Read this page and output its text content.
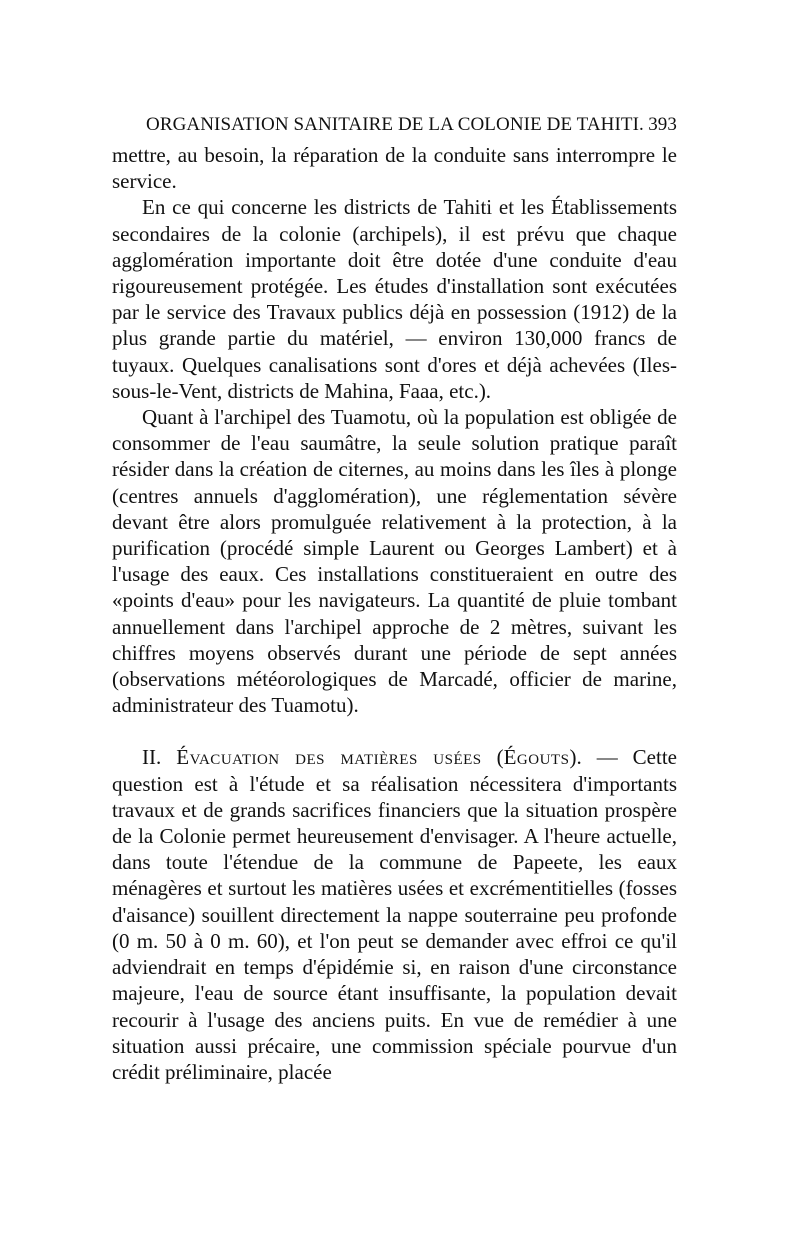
ORGANISATION SANITAIRE DE LA COLONIE DE TAHITI. 393

mettre, au besoin, la réparation de la conduite sans interrompre le service.

En ce qui concerne les districts de Tahiti et les Établissements secondaires de la colonie (archipels), il est prévu que chaque agglomération importante doit être dotée d'une conduite d'eau rigoureusement protégée. Les études d'installation sont exécutées par le service des Travaux publics déjà en possession (1912) de la plus grande partie du matériel, — environ 130,000 francs de tuyaux. Quelques canalisations sont d'ores et déjà achevées (Iles-sous-le-Vent, districts de Mahina, Faaa, etc.).

Quant à l'archipel des Tuamotu, où la population est obligée de consommer de l'eau saumâtre, la seule solution pratique paraît résider dans la création de citernes, au moins dans les îles à plonge (centres annuels d'agglomération), une réglementation sévère devant être alors promulguée relativement à la protection, à la purification (procédé simple Laurent ou Georges Lambert) et à l'usage des eaux. Ces installations constitueraient en outre des «points d'eau» pour les navigateurs. La quantité de pluie tombant annuellement dans l'archipel approche de 2 mètres, suivant les chiffres moyens observés durant une période de sept années (observations météorologiques de Marcadé, officier de marine, administrateur des Tuamotu).

II. Évacuation des matières usées (Égouts). — Cette question est à l'étude et sa réalisation nécessitera d'importants travaux et de grands sacrifices financiers que la situation prospère de la Colonie permet heureusement d'envisager. A l'heure actuelle, dans toute l'étendue de la commune de Papeete, les eaux ménagères et surtout les matières usées et excrémentitielles (fosses d'aisance) souillent directement la nappe souterraine peu profonde (0 m. 50 à 0 m. 60), et l'on peut se demander avec effroi ce qu'il adviendrait en temps d'épidémie si, en raison d'une circonstance majeure, l'eau de source étant insuffisante, la population devait recourir à l'usage des anciens puits. En vue de remédier à une situation aussi précaire, une commission spéciale pourvue d'un crédit préliminaire, placée
